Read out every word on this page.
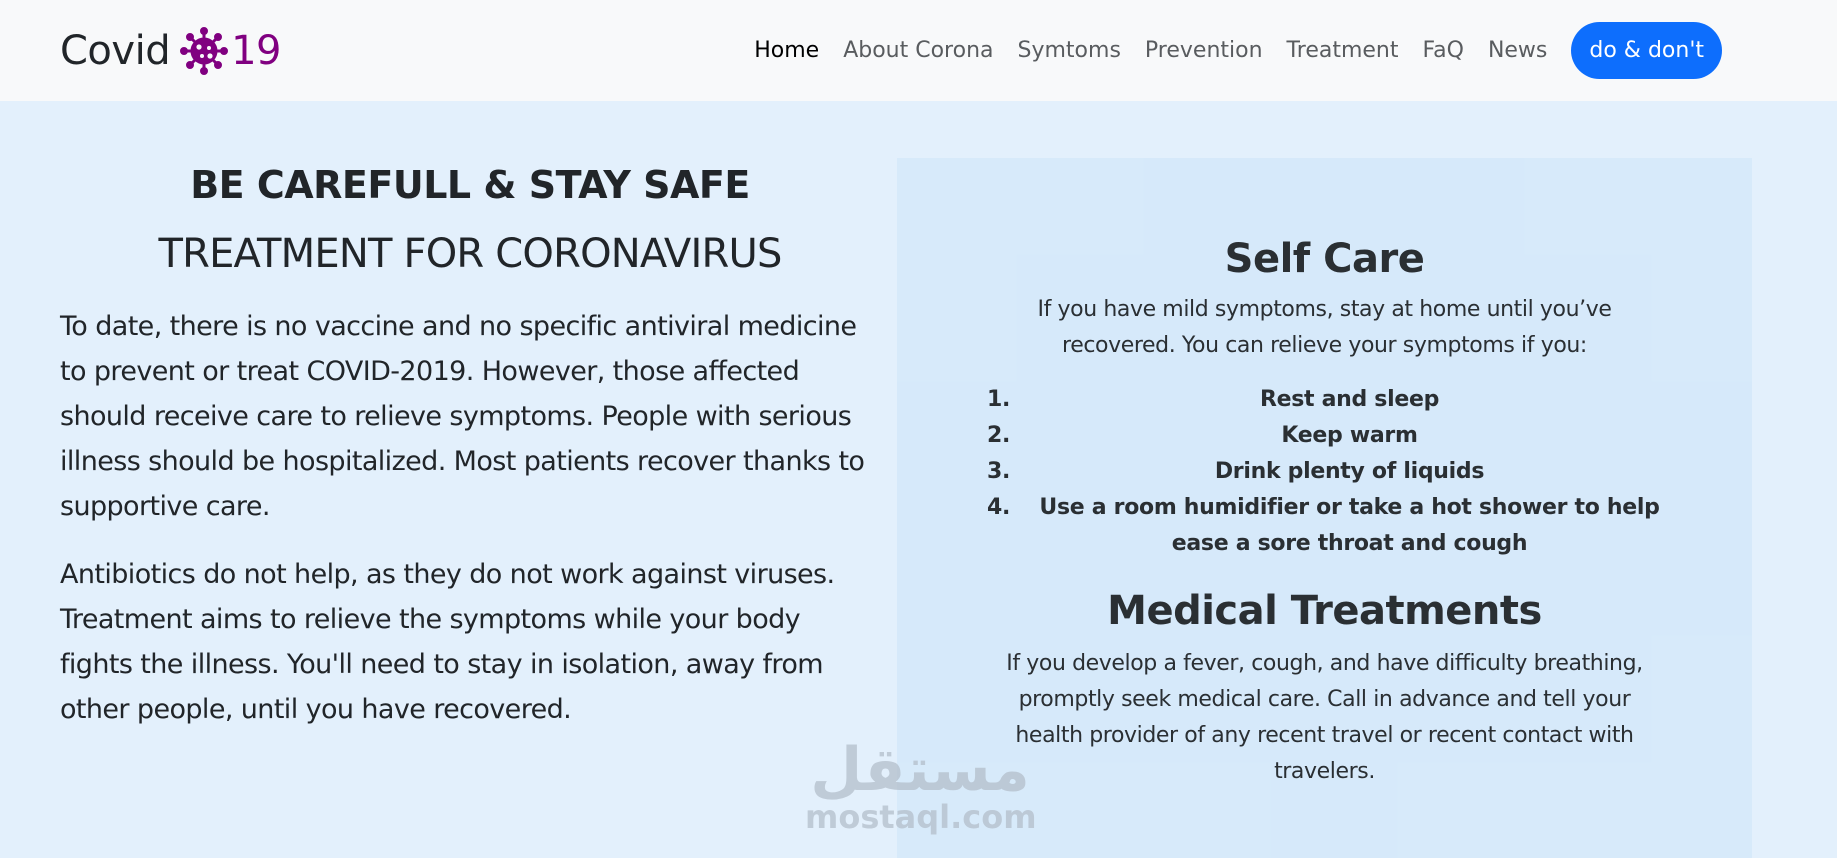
Covid 19	Home	About Corona	Symtoms	Prevention	Treatment	FaQ	News	do & don't
BE CAREFULL & STAY SAFE
TREATMENT FOR CORONAVIRUS

To date, there is no vaccine and no specific antiviral medicine to prevent or treat COVID-2019. However, those affected should receive care to relieve symptoms. People with serious illness should be hospitalized. Most patients recover thanks to supportive care.

Antibiotics do not help, as they do not work against viruses. Treatment aims to relieve the symptoms while your body fights the illness. You'll need to stay in isolation, away from other people, until you have recovered.

Self Care

If you have mild symptoms, stay at home until you’ve recovered. You can relieve your symptoms if you:

1.	Rest and sleep
2.	Keep warm
3.	Drink plenty of liquids
4.	Use a room humidifier or take a hot shower to help ease a sore throat and cough
Medical Treatments

If you develop a fever, cough, and have difficulty breathing, promptly seek medical care. Call in advance and tell your health provider of any recent travel or recent contact with travelers.

مستقل
mostaql.com
